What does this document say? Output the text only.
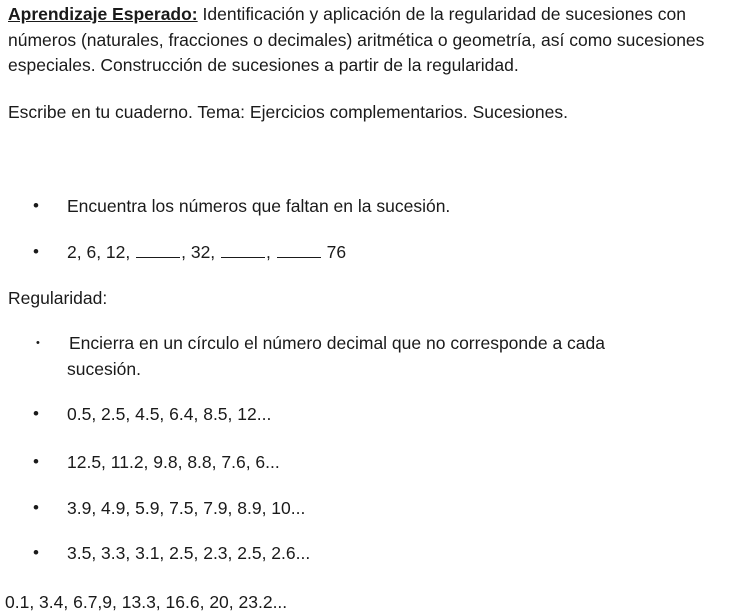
Aprendizaje Esperado: Identificación y aplicación de la regularidad de sucesiones con números (naturales, fracciones o decimales) aritmética o geometría, así como sucesiones especiales. Construcción de sucesiones a partir de la regularidad.
Escribe en tu cuaderno. Tema: Ejercicios complementarios. Sucesiones.
• Encuentra los números que faltan en la sucesión.
• 2, 6, 12,	, 32,	,	76
Regularidad:
• Encierra en un círculo el número decimal que no corresponde a cada
sucesión.
• 0.5, 2.5, 4.5, 6.4, 8.5, 12...
• 12.5, 11.2, 9.8, 8.8, 7.6, 6...
• 3.9, 4.9, 5.9, 7.5, 7.9, 8.9, 10...
• 3.5, 3.3, 3.1, 2.5, 2.3, 2.5, 2.6...
0.1, 3.4, 6.7,9, 13.3, 16.6, 20, 23.2...
